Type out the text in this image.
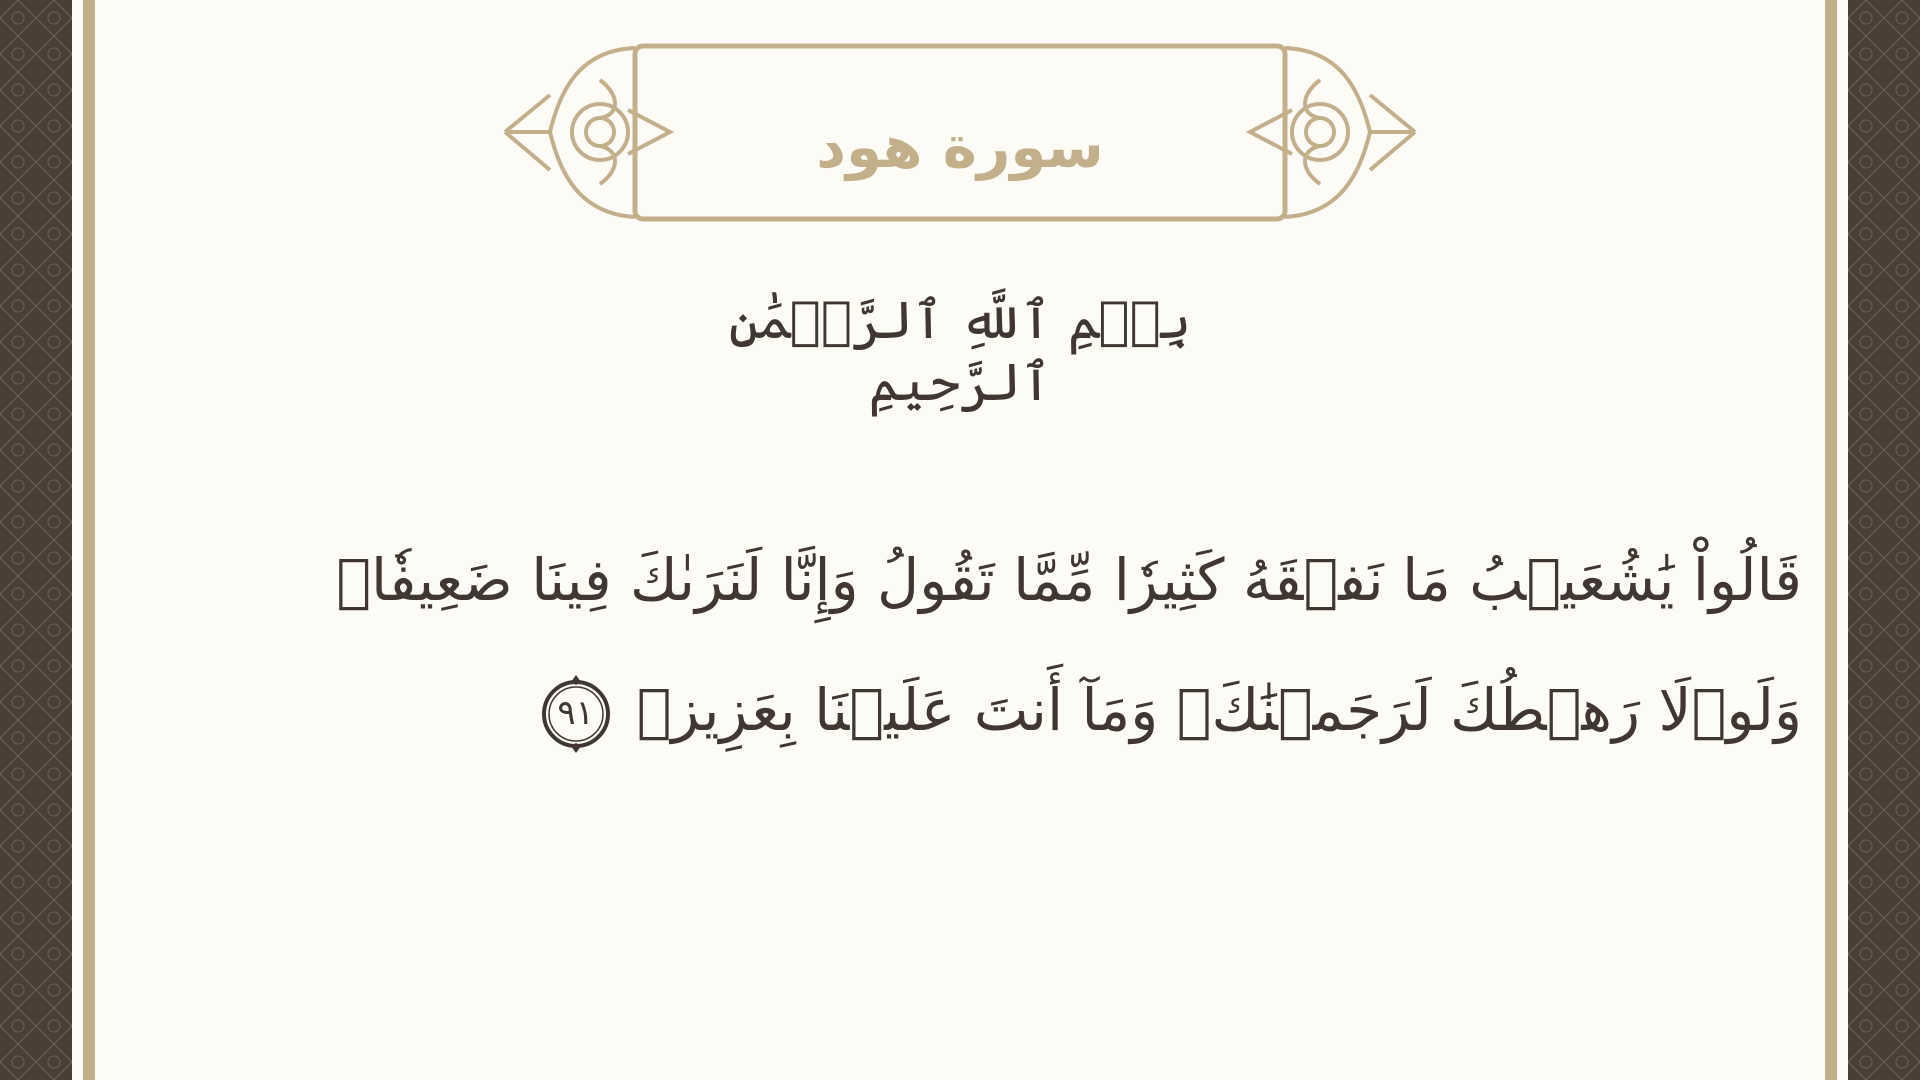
سورة هود
بِسۡمِ ٱللَّهِ ٱلرَّحۡمَٰنِ ٱلرَّحِيمِ
قَالُواْ يَٰشُعَيۡبُ مَا نَفۡقَهُ كَثِيرٗا مِّمَّا تَقُولُ وَإِنَّا لَنَرَىٰكَ فِينَا ضَعِيفٗاۖ
وَلَوۡلَا رَهۡطُكَ لَرَجَمۡنَٰكَۖ وَمَآ أَنتَ عَلَيۡنَا بِعَزِيزٖ
٩١
